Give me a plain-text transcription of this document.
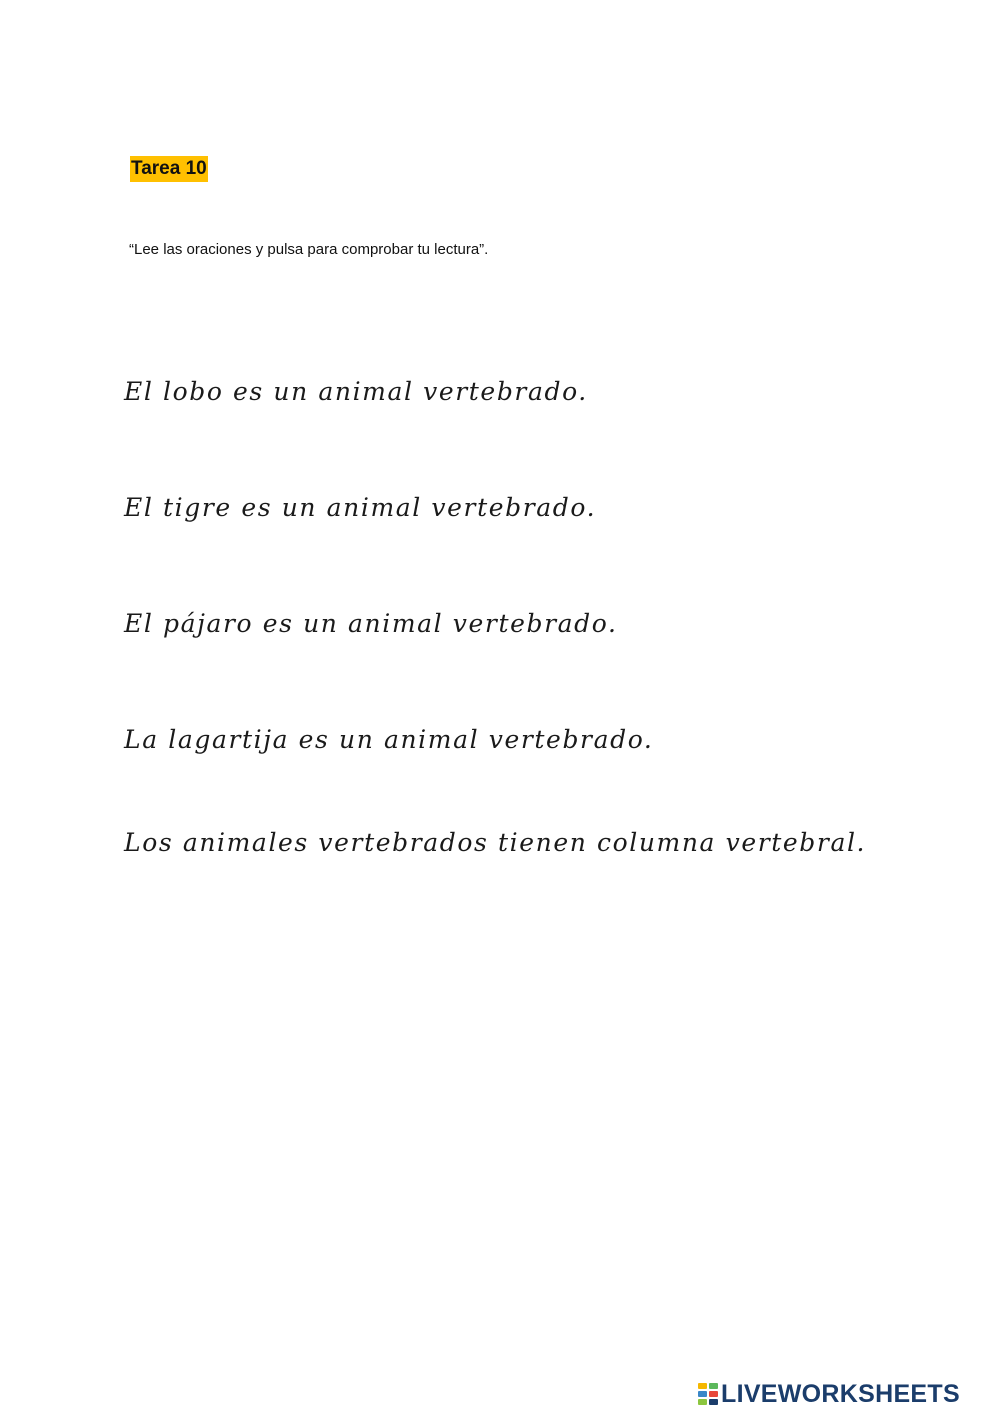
Tarea 10
“Lee las oraciones y pulsa para comprobar tu lectura”.
El lobo es un animal vertebrado.
El tigre es un animal vertebrado.
El pájaro es un animal vertebrado.
La lagartija es un animal vertebrado.
Los animales vertebrados tienen columna vertebral.
LIVEWORKSHEETS
